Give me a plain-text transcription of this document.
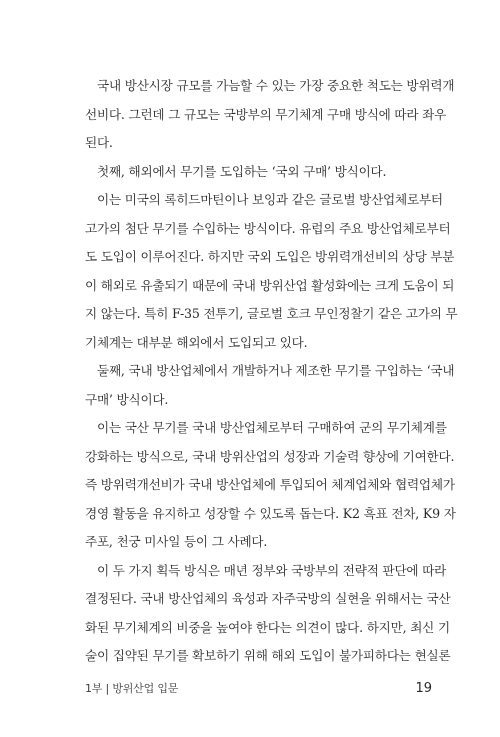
국내 방산시장 규모를 가늠할 수 있는 가장 중요한 척도는 방위력개
선비다. 그런데 그 규모는 국방부의 무기체계 구매 방식에 따라 좌우
된다.
첫째, 해외에서 무기를 도입하는 ‘국외 구매’ 방식이다.
이는 미국의 록히드마틴이나 보잉과 같은 글로벌 방산업체로부터
고가의 첨단 무기를 수입하는 방식이다. 유럽의 주요 방산업체로부터
도 도입이 이루어진다. 하지만 국외 도입은 방위력개선비의 상당 부분
이 해외로 유출되기 때문에 국내 방위산업 활성화에는 크게 도움이 되
지 않는다. 특히 F-35 전투기, 글로벌 호크 무인정찰기 같은 고가의 무
기체계는 대부분 해외에서 도입되고 있다.
둘째, 국내 방산업체에서 개발하거나 제조한 무기를 구입하는 ‘국내
구매’ 방식이다.
이는 국산 무기를 국내 방산업체로부터 구매하여 군의 무기체계를
강화하는 방식으로, 국내 방위산업의 성장과 기술력 향상에 기여한다.
즉 방위력개선비가 국내 방산업체에 투입되어 체계업체와 협력업체가
경영 활동을 유지하고 성장할 수 있도록 돕는다. K2 흑표 전차, K9 자
주포, 천궁 미사일 등이 그 사례다.
이 두 가지 획득 방식은 매년 정부와 국방부의 전략적 판단에 따라
결정된다. 국내 방산업체의 육성과 자주국방의 실현을 위해서는 국산
화된 무기체계의 비중을 높여야 한다는 의견이 많다. 하지만, 최신 기
술이 집약된 무기를 확보하기 위해 해외 도입이 불가피하다는 현실론
1부 | 방위산업 입문	19
